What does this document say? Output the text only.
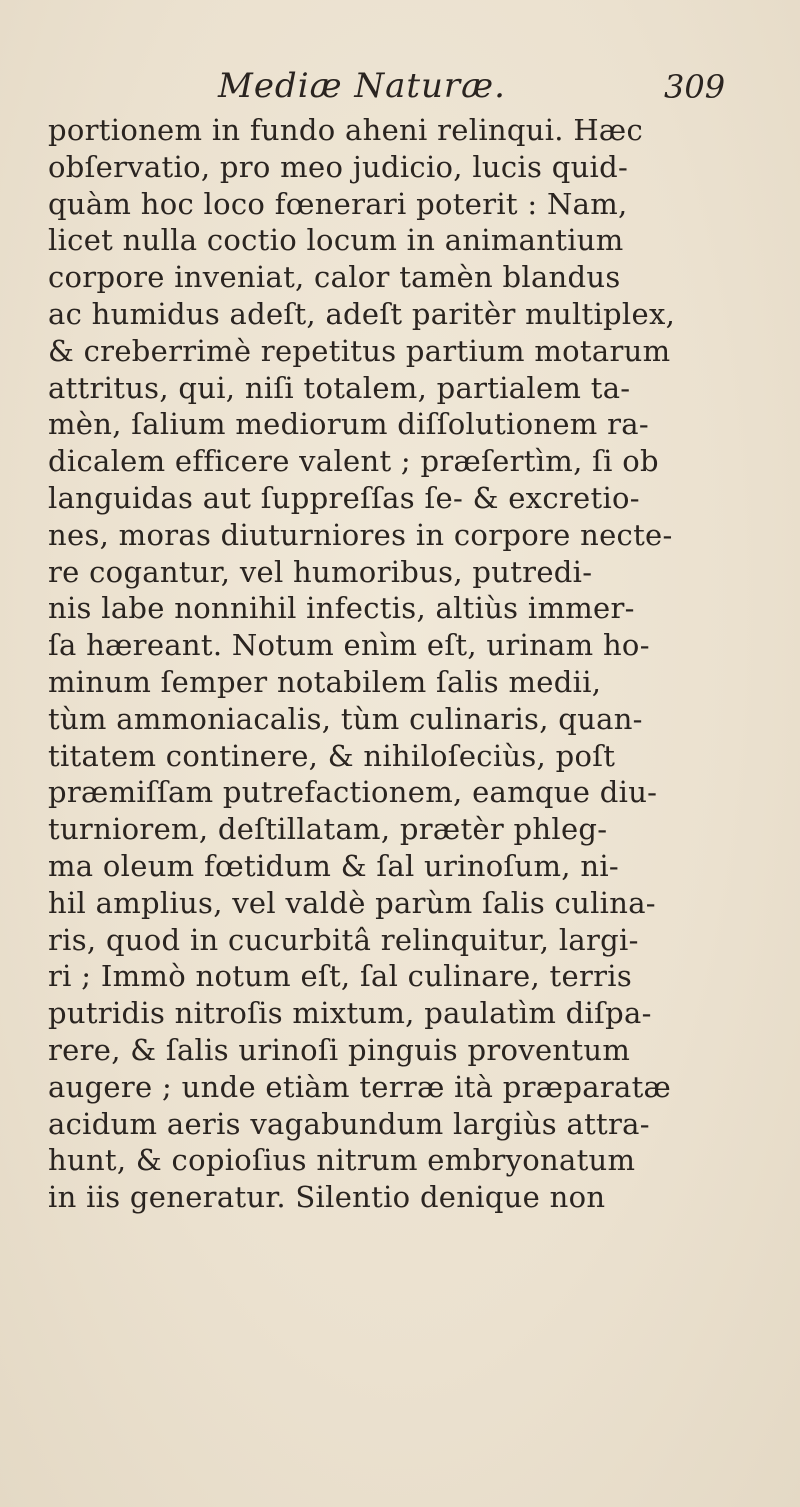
Mediæ Naturæ.	309
portionem in fundo aheni relinqui. Hæc
obſervatio, pro meo judicio, lucis quid-
quàm hoc loco fœnerari poterit : Nam,
licet nulla coctio locum in animantium
corpore inveniat, calor tamèn blandus
ac humidus adeſt, adeſt paritèr multiplex,
& creberrimè repetitus partium motarum
attritus, qui, niſi totalem, partialem ta-
mèn, ſalium mediorum diſſolutionem ra-
dicalem efficere valent ; præſertìm, ſi ob
languidas aut ſuppreſſas ſe- & excretio-
nes, moras diuturniores in corpore necte-
re cogantur, vel humoribus, putredi-
nis labe nonnihil infectis, altiùs immer-
ſa hæreant. Notum enìm eſt, urinam ho-
minum ſemper notabilem ſalis medii,
tùm ammoniacalis, tùm culinaris, quan-
titatem continere, & nihiloſeciùs, poſt
præmiſſam putrefactionem, eamque diu-
turniorem, deſtillatam, prætèr phleg-
ma oleum fœtidum & ſal urinoſum, ni-
hil amplius, vel valdè parùm ſalis culina-
ris, quod in cucurbitâ relinquitur, largi-
ri ; Immò notum eſt, ſal culinare, terris
putridis nitroſis mixtum, paulatìm diſpa-
rere, & ſalis urinoſi pinguis proventum
augere ; unde etiàm terræ ità præparatæ
acidum aeris vagabundum largiùs attra-
hunt, & copioſius nitrum embryonatum
in iis generatur. Silentio denique non
